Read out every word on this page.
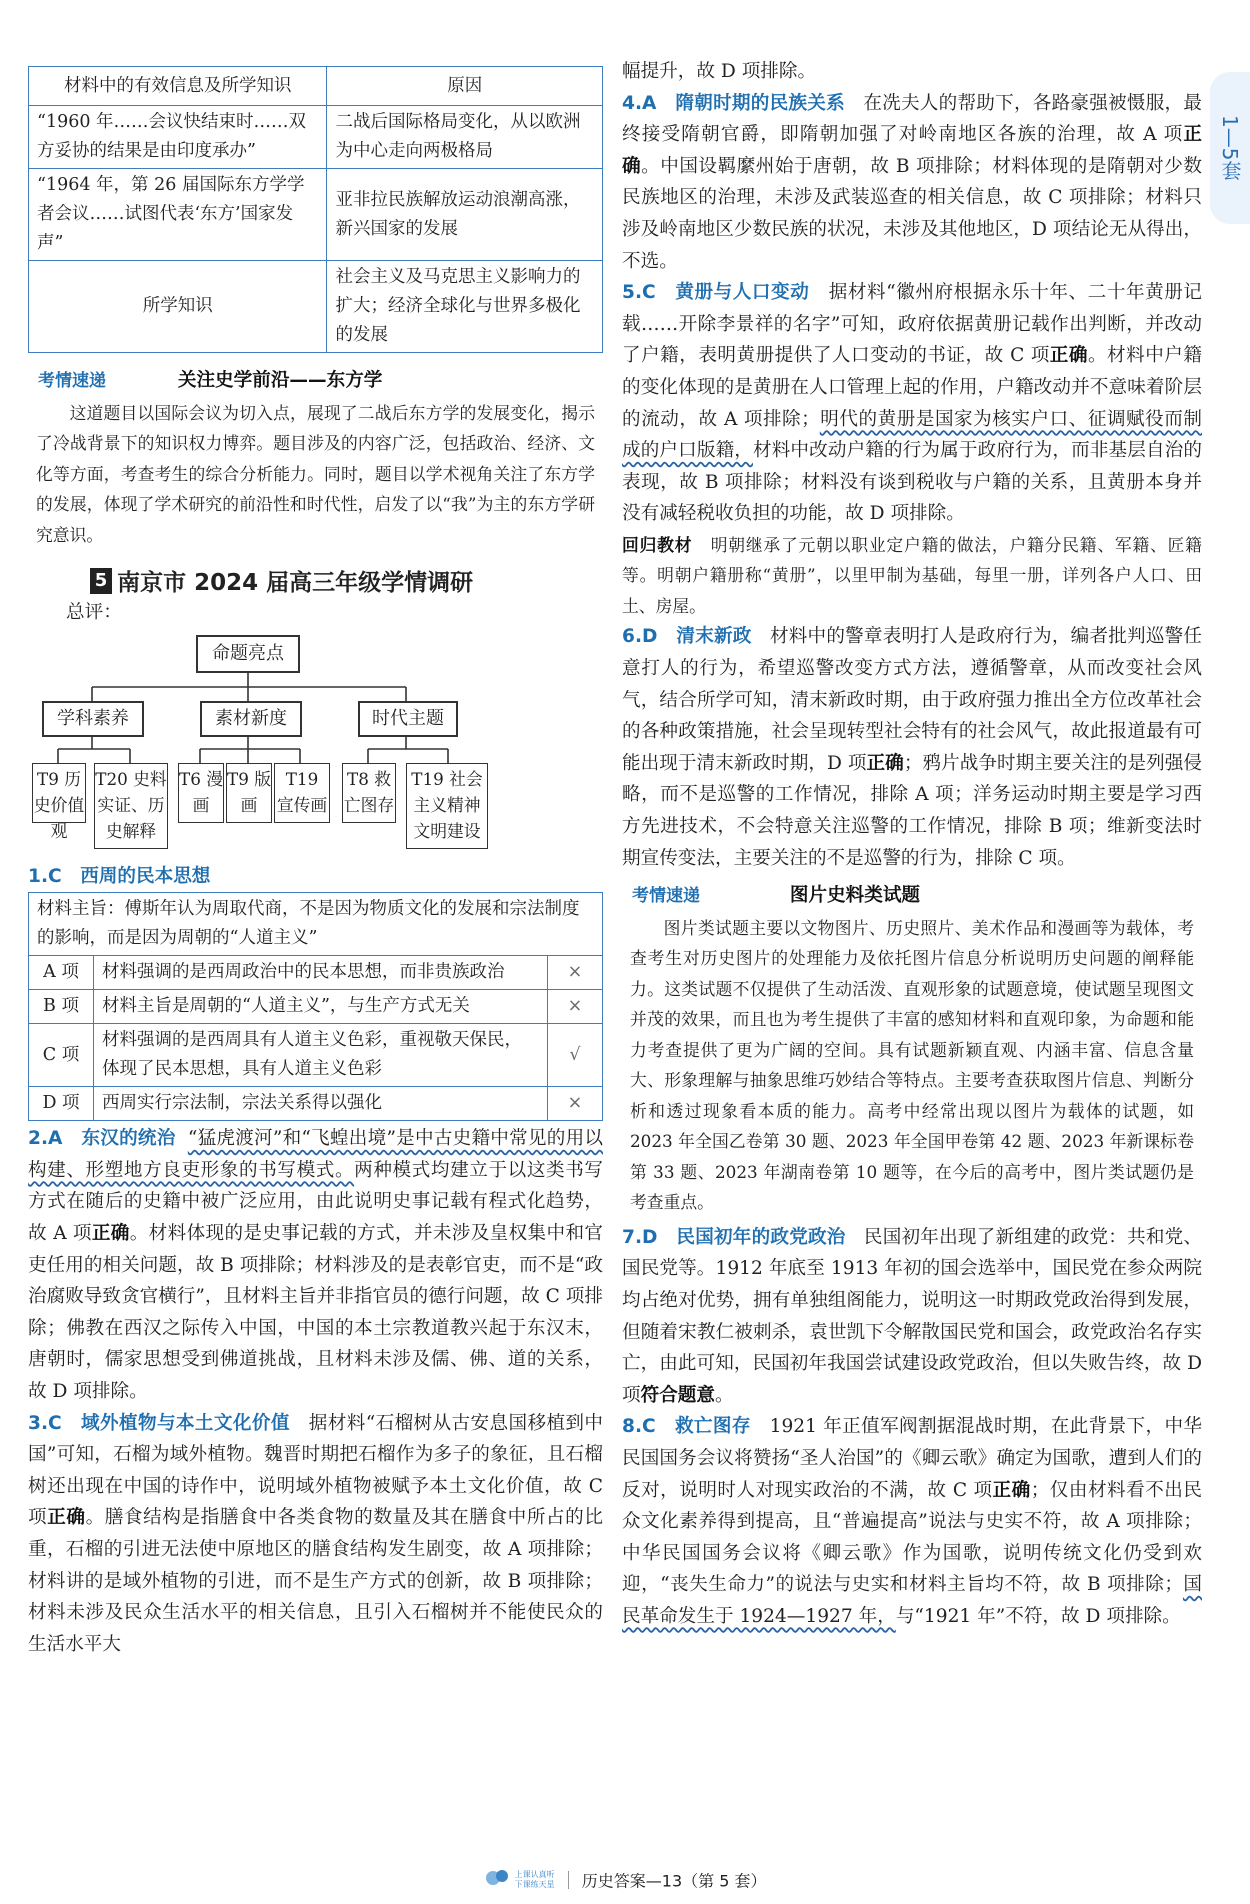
1—5套
材料中的有效信息及所学知识	原因
“1960 年……会议快结束时……双方妥协的结果是由印度承办”	二战后国际格局变化，从以欧洲为中心走向两极格局
“1964 年，第 26 届国际东方学学者会议……试图代表‘东方’国家发声”	亚非拉民族解放运动浪潮高涨，新兴国家的发展
所学知识	社会主义及马克思主义影响力的扩大；经济全球化与世界多极化的发展

考情速递	关注史学前沿——东方学

这道题目以国际会议为切入点，展现了二战后东方学的发展变化，揭示了冷战背景下的知识权力博弈。题目涉及的内容广泛，包括政治、经济、文化等方面，考查考生的综合分析能力。同时，题目以学术视角关注了东方学的发展，体现了学术研究的前沿性和时代性，启发了以“我”为主的东方学研究意识。

5 南京市 2024 届高三年级学情调研

总评：

命题亮点
学科素养	素材新度	时代主题
T9 历史价值观
T20 史料实证、历史解释
T6 漫画
T9 版画
T19 宣传画
T8 救亡图存
T19 社会主义精神文明建设

1.C　西周的民本思想

材料主旨：傅斯年认为周取代商，不是因为物质文化的发展和宗法制度的影响，而是因为周朝的“人道主义”		
A 项	材料强调的是西周政治中的民本思想，而非贵族政治	×
B 项	材料主旨是周朝的“人道主义”，与生产方式无关	×
C 项	材料强调的是西周具有人道主义色彩，重视敬天保民，体现了民本思想，具有人道主义色彩	√
D 项	西周实行宗法制，宗法关系得以强化	×

2.A　东汉的统治 “猛虎渡河”和“飞蝗出境”是中古史籍中常见的用以构建、形塑地方良吏形象的书写模式。两种模式均建立于以这类书写方式在随后的史籍中被广泛应用，由此说明史事记载有程式化趋势，故 A 项正确。材料体现的是史事记载的方式，并未涉及皇权集中和官吏任用的相关问题，故 B 项排除；材料涉及的是表彰官吏，而不是“政治腐败导致贪官横行”，且材料主旨并非指官员的德行问题，故 C 项排除；佛教在西汉之际传入中国，中国的本土宗教道教兴起于东汉末，唐朝时，儒家思想受到佛道挑战，且材料未涉及儒、佛、道的关系，故 D 项排除。

3.C　域外植物与本土文化价值 据材料“石榴树从古安息国移植到中国”可知，石榴为域外植物。魏晋时期把石榴作为多子的象征，且石榴树还出现在中国的诗作中，说明域外植物被赋予本土文化价值，故 C 项正确。膳食结构是指膳食中各类食物的数量及其在膳食中所占的比重，石榴的引进无法使中原地区的膳食结构发生剧变，故 A 项排除；材料讲的是域外植物的引进，而不是生产方式的创新，故 B 项排除；材料未涉及民众生活水平的相关信息，且引入石榴树并不能使民众的生活水平大

幅提升，故 D 项排除。

4.A　隋朝时期的民族关系 在冼夫人的帮助下，各路豪强被慑服，最终接受隋朝官爵，即隋朝加强了对岭南地区各族的治理，故 A 项正确。中国设羁縻州始于唐朝，故 B 项排除；材料体现的是隋朝对少数民族地区的治理，未涉及武装巡查的相关信息，故 C 项排除；材料只涉及岭南地区少数民族的状况，未涉及其他地区，D 项结论无从得出，不选。

5.C　黄册与人口变动 据材料“徽州府根据永乐十年、二十年黄册记载……开除李景祥的名字”可知，政府依据黄册记载作出判断，并改动了户籍，表明黄册提供了人口变动的书证，故 C 项正确。材料中户籍的变化体现的是黄册在人口管理上起的作用，户籍改动并不意味着阶层的流动，故 A 项排除；明代的黄册是国家为核实户口、征调赋役而制成的户口版籍，材料中改动户籍的行为属于政府行为，而非基层自治的表现，故 B 项排除；材料没有谈到税收与户籍的关系，且黄册本身并没有减轻税收负担的功能，故 D 项排除。

回归教材 明朝继承了元朝以职业定户籍的做法，户籍分民籍、军籍、匠籍等。明朝户籍册称“黄册”，以里甲制为基础，每里一册，详列各户人口、田土、房屋。

6.D　清末新政 材料中的警章表明打人是政府行为，编者批判巡警任意打人的行为，希望巡警改变方式方法，遵循警章，从而改变社会风气，结合所学可知，清末新政时期，由于政府强力推出全方位改革社会的各种政策措施，社会呈现转型社会特有的社会风气，故此报道最有可能出现于清末新政时期，D 项正确；鸦片战争时期主要关注的是列强侵略，而不是巡警的工作情况，排除 A 项；洋务运动时期主要是学习西方先进技术，不会特意关注巡警的工作情况，排除 B 项；维新变法时期宣传变法，主要关注的不是巡警的行为，排除 C 项。

考情速递	图片史料类试题

图片类试题主要以文物图片、历史照片、美术作品和漫画等为载体，考查考生对历史图片的处理能力及依托图片信息分析说明历史问题的阐释能力。这类试题不仅提供了生动活泼、直观形象的试题意境，使试题呈现图文并茂的效果，而且也为考生提供了丰富的感知材料和直观印象，为命题和能力考查提供了更为广阔的空间。具有试题新颖直观、内涵丰富、信息含量大、形象理解与抽象思维巧妙结合等特点。主要考查获取图片信息、判断分析和透过现象看本质的能力。高考中经常出现以图片为载体的试题，如 2023 年全国乙卷第 30 题、2023 年全国甲卷第 42 题、2023 年新课标卷第 33 题、2023 年湖南卷第 10 题等，在今后的高考中，图片类试题仍是考查重点。

7.D　民国初年的政党政治 民国初年出现了新组建的政党：共和党、国民党等。1912 年底至 1913 年初的国会选举中，国民党在参众两院均占绝对优势，拥有单独组阁能力，说明这一时期政党政治得到发展，但随着宋教仁被刺杀，袁世凯下令解散国民党和国会，政党政治名存实亡，由此可知，民国初年我国尝试建设政党政治，但以失败告终，故 D 项符合题意。

8.C　救亡图存 1921 年正值军阀割据混战时期，在此背景下，中华民国国务会议将赞扬“圣人治国”的《卿云歌》确定为国歌，遭到人们的反对，说明时人对现实政治的不满，故 C 项正确；仅由材料看不出民众文化素养得到提高，且“普遍提高”说法与史实不符，故 A 项排除；中华民国国务会议将《卿云歌》作为国歌，说明传统文化仍受到欢迎，“丧失生命力”的说法与史实和材料主旨均不符，故 B 项排除；国民革命发生于 1924—1927 年，与“1921 年”不符，故 D 项排除。

上课认真听
下课练天星 历史答案—13（第 5 套）
